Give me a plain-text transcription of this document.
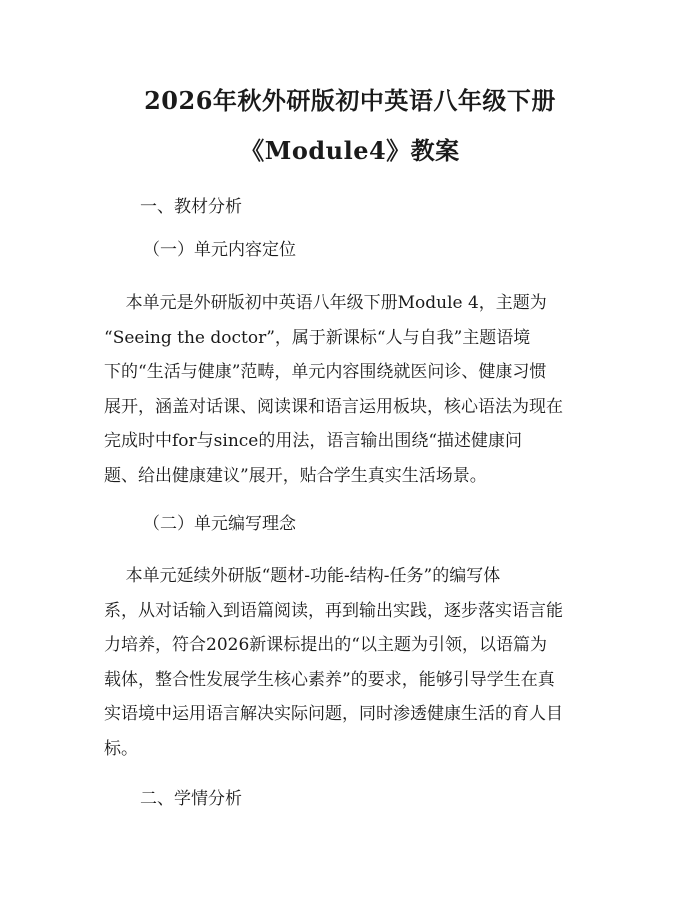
2026年秋外研版初中英语八年级下册
《Module4》教案
一、教材分析
（一）单元内容定位
本单元是外研版初中英语八年级下册Module 4，主题为
“Seeing the doctor”，属于新课标“人与自我”主题语境
下的“生活与健康”范畴，单元内容围绕就医问诊、健康习惯
展开，涵盖对话课、阅读课和语言运用板块，核心语法为现在
完成时中for与since的用法，语言输出围绕“描述健康问
题、给出健康建议”展开，贴合学生真实生活场景。
（二）单元编写理念
本单元延续外研版“题材-功能-结构-任务”的编写体
系，从对话输入到语篇阅读，再到输出实践，逐步落实语言能
力培养，符合2026新课标提出的“以主题为引领，以语篇为
载体，整合性发展学生核心素养”的要求，能够引导学生在真
实语境中运用语言解决实际问题，同时渗透健康生活的育人目
标。
二、学情分析
